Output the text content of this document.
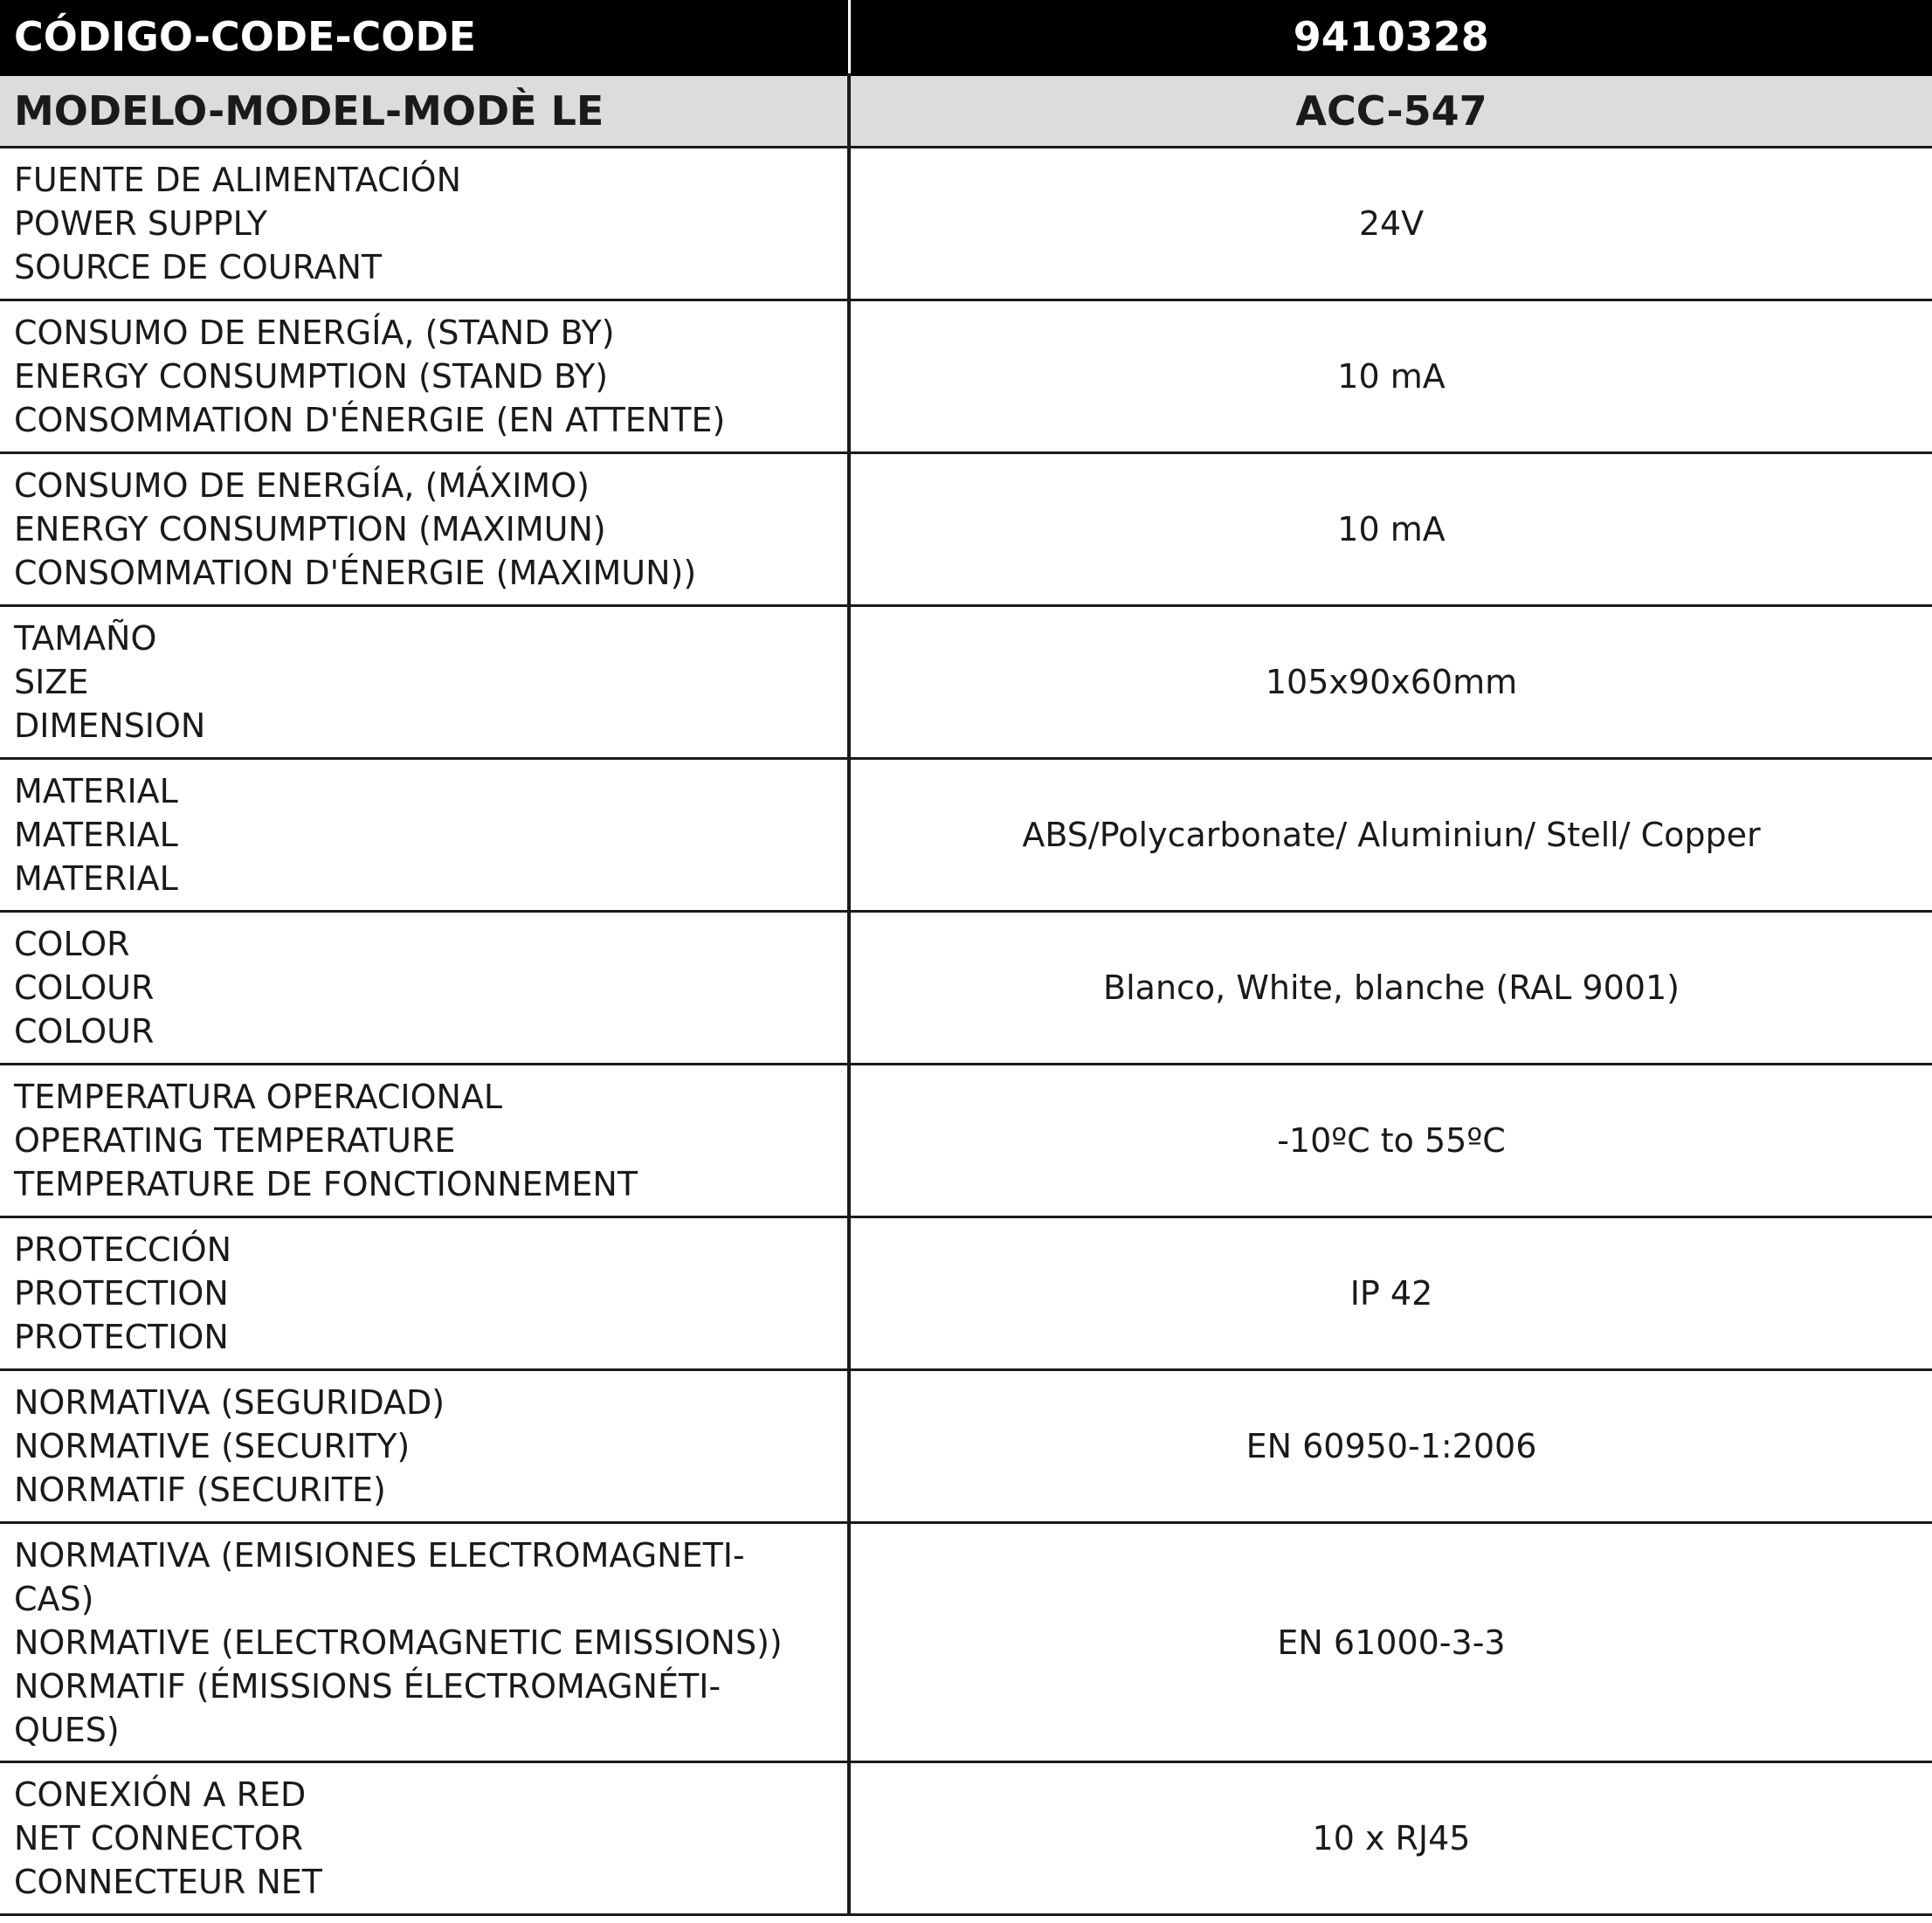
CÓDIGO-CODE-CODE	9410328
MODELO-MODEL-MODÈ LE	ACC-547
FUENTE DE ALIMENTACIÓN
POWER SUPPLY
SOURCE DE COURANT	24V
CONSUMO DE ENERGÍA, (STAND BY)
ENERGY CONSUMPTION (STAND BY)
CONSOMMATION D'ÉNERGIE (EN ATTENTE)	10 mA
CONSUMO DE ENERGÍA, (MÁXIMO)
ENERGY CONSUMPTION (MAXIMUN)
CONSOMMATION D'ÉNERGIE (MAXIMUN))	10 mA
TAMAÑO
SIZE
DIMENSION	105x90x60mm
MATERIAL
MATERIAL
MATERIAL	ABS/Polycarbonate/ Aluminiun/ Stell/ Copper
COLOR
COLOUR
COLOUR	Blanco, White, blanche (RAL 9001)
TEMPERATURA OPERACIONAL
OPERATING TEMPERATURE
TEMPERATURE DE FONCTIONNEMENT	-10ºC to 55ºC
PROTECCIÓN
PROTECTION
PROTECTION	IP 42
NORMATIVA (SEGURIDAD)
NORMATIVE (SECURITY)
NORMATIF (SECURITE)	EN 60950-1:2006
NORMATIVA (EMISIONES ELECTROMAGNETI-
CAS)
NORMATIVE (ELECTROMAGNETIC EMISSIONS))
NORMATIF (ÉMISSIONS ÉLECTROMAGNÉTI-
QUES)	EN 61000-3-3
CONEXIÓN A RED
NET CONNECTOR
CONNECTEUR NET	10 x RJ45
